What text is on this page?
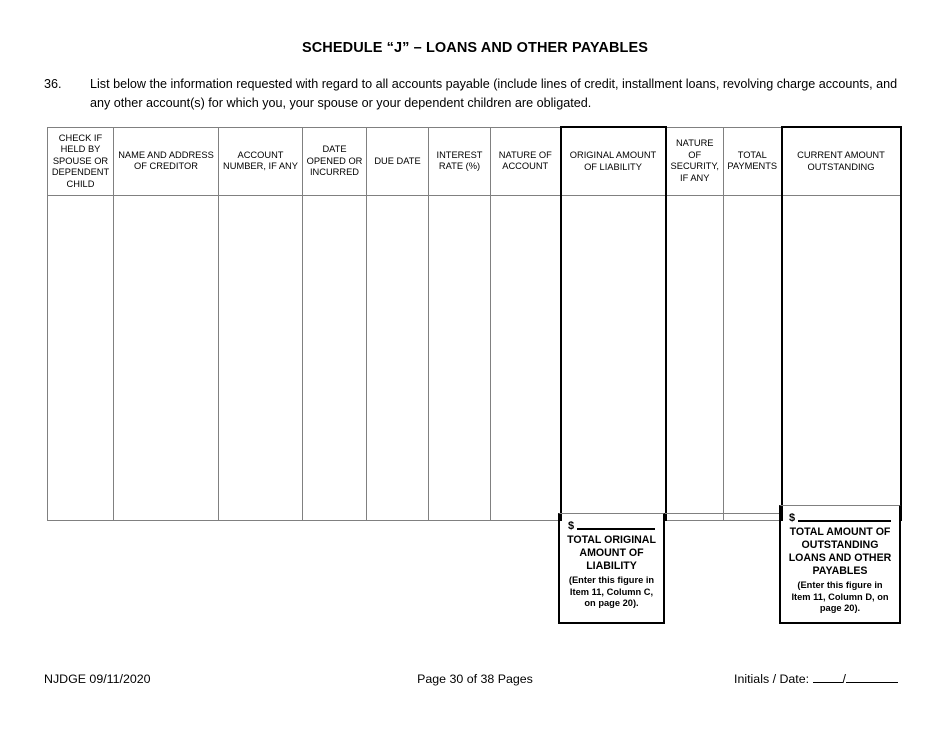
SCHEDULE “J” – LOANS AND OTHER PAYABLES
36.	List below the information requested with regard to all accounts payable (include lines of credit, installment loans, revolving charge accounts, and any other account(s) for which you, your spouse or your dependent children are obligated.
CHECK IF HELD BY SPOUSE OR DEPENDENT CHILD	NAME AND ADDRESS OF CREDITOR	ACCOUNT NUMBER, IF ANY	DATE OPENED OR INCURRED	DUE DATE	INTEREST RATE (%)	NATURE OF ACCOUNT	ORIGINAL AMOUNT OF LIABILITY	NATURE OF SECURITY, IF ANY	TOTAL PAYMENTS	CURRENT AMOUNT OUTSTANDING

$
TOTAL ORIGINAL AMOUNT OF LIABILITY
(Enter this figure in Item 11, Column C, on page 20).
$
TOTAL AMOUNT OF OUTSTANDING LOANS AND OTHER PAYABLES
(Enter this figure in Item 11, Column D, on page 20).
NJDGE 09/11/2020	Page 30 of 38 Pages	Initials / Date:	/
